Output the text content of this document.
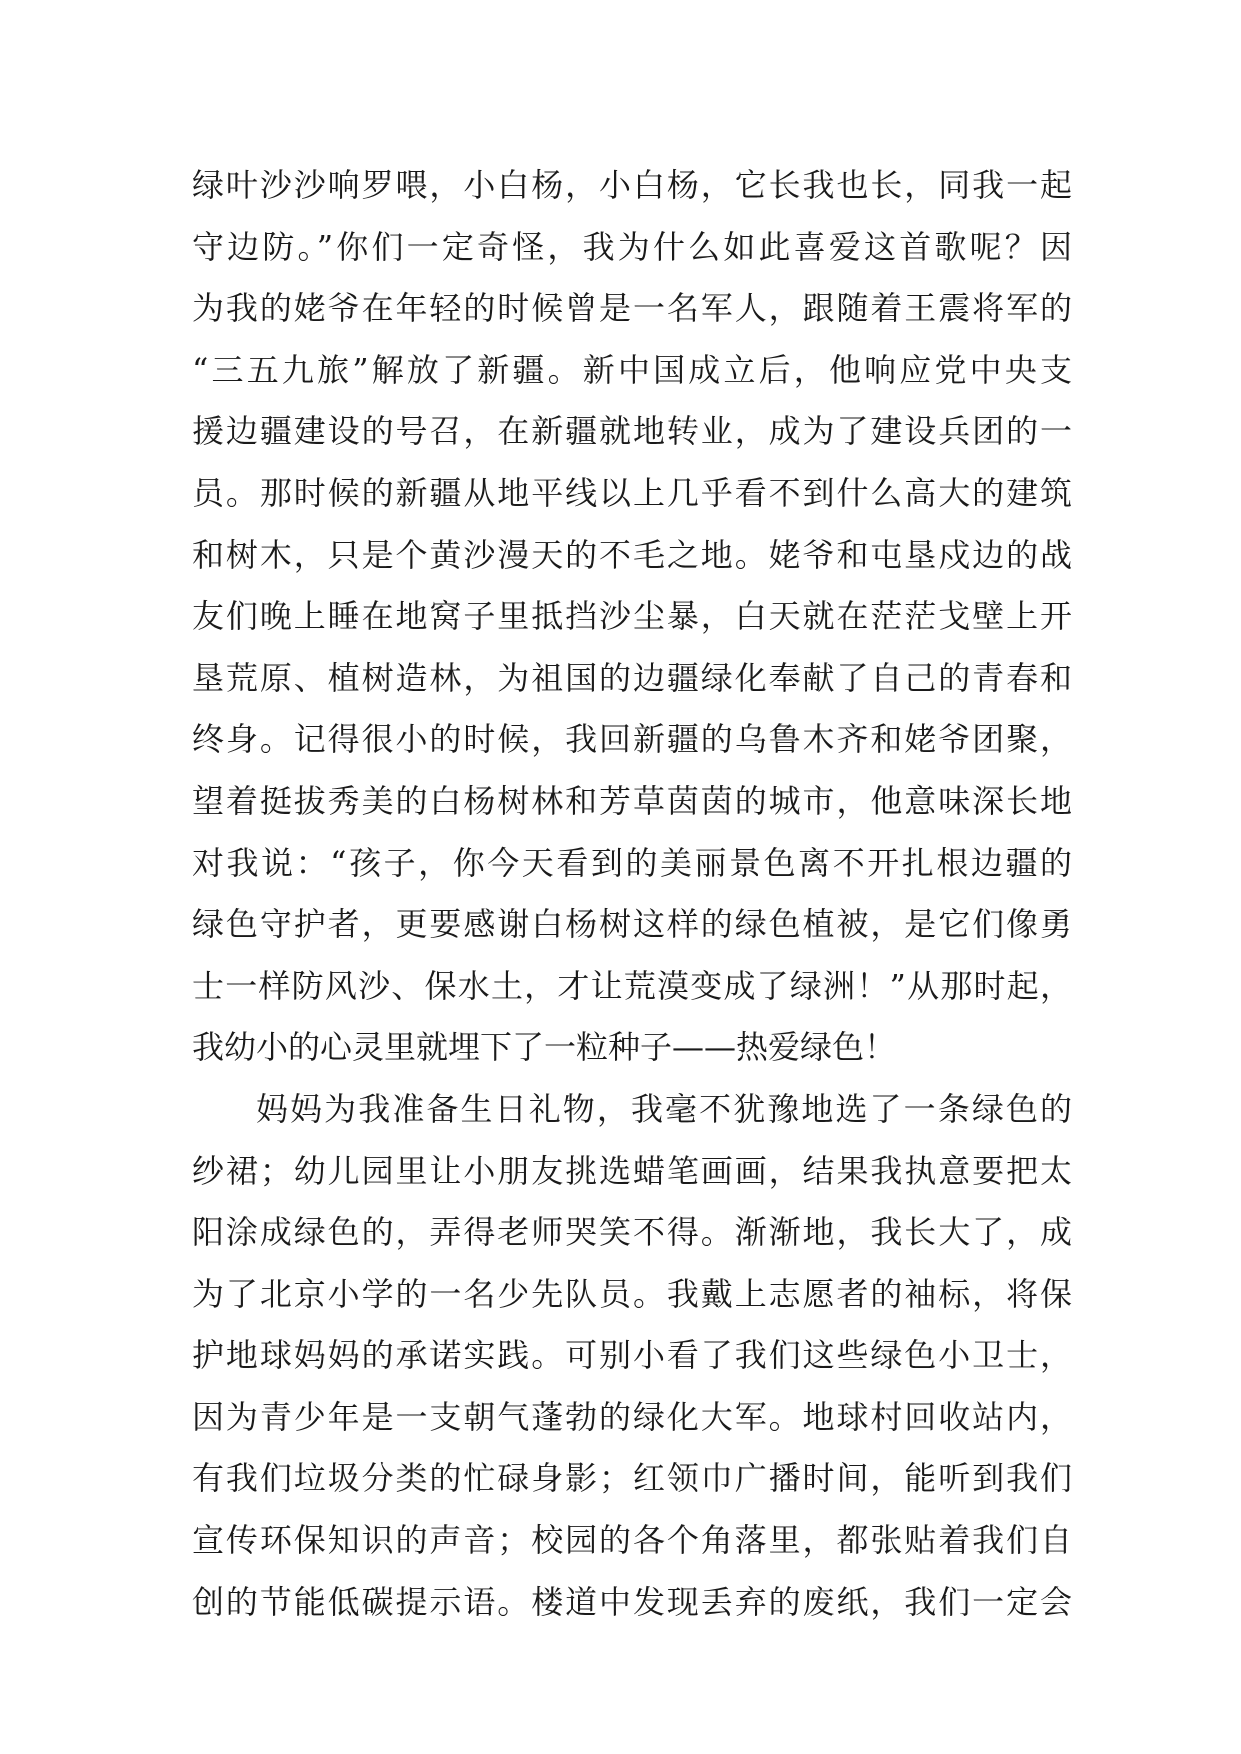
绿叶沙沙响罗喂，小白杨，小白杨，它长我也长，同我一起
守边防。”你们一定奇怪，我为什么如此喜爱这首歌呢？因
为我的姥爷在年轻的时候曾是一名军人，跟随着王震将军的
“三五九旅”解放了新疆。新中国成立后，他响应党中央支
援边疆建设的号召，在新疆就地转业，成为了建设兵团的一
员。那时候的新疆从地平线以上几乎看不到什么高大的建筑
和树木，只是个黄沙漫天的不毛之地。姥爷和屯垦戍边的战
友们晚上睡在地窝子里抵挡沙尘暴，白天就在茫茫戈壁上开
垦荒原、植树造林，为祖国的边疆绿化奉献了自己的青春和
终身。记得很小的时候，我回新疆的乌鲁木齐和姥爷团聚，
望着挺拔秀美的白杨树林和芳草茵茵的城市，他意味深长地
对我说：“孩子，你今天看到的美丽景色离不开扎根边疆的
绿色守护者，更要感谢白杨树这样的绿色植被，是它们像勇
士一样防风沙、保水土，才让荒漠变成了绿洲！”从那时起，
我幼小的心灵里就埋下了一粒种子——热爱绿色！
妈妈为我准备生日礼物，我毫不犹豫地选了一条绿色的
纱裙；幼儿园里让小朋友挑选蜡笔画画，结果我执意要把太
阳涂成绿色的，弄得老师哭笑不得。渐渐地，我长大了，成
为了北京小学的一名少先队员。我戴上志愿者的袖标，将保
护地球妈妈的承诺实践。可别小看了我们这些绿色小卫士，
因为青少年是一支朝气蓬勃的绿化大军。地球村回收站内，
有我们垃圾分类的忙碌身影；红领巾广播时间，能听到我们
宣传环保知识的声音；校园的各个角落里，都张贴着我们自
创的节能低碳提示语。楼道中发现丢弃的废纸，我们一定会
